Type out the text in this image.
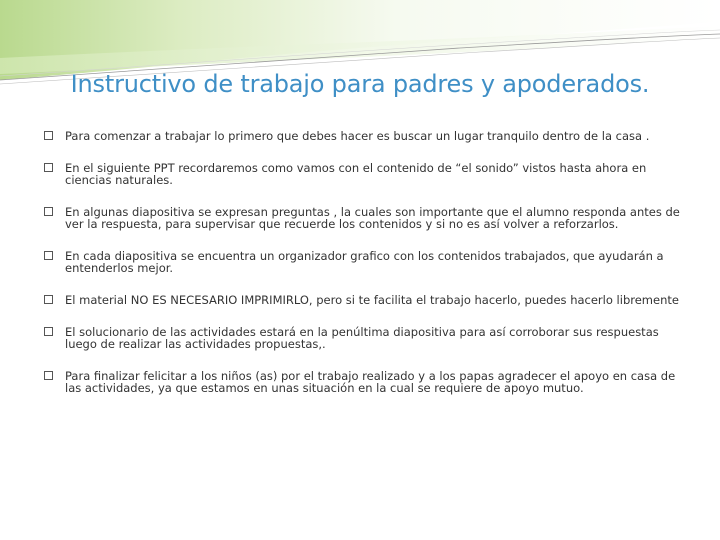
Instructivo de trabajo para padres y apoderados.
Para comenzar a trabajar lo primero que debes hacer es buscar un lugar tranquilo dentro de la casa .
En el siguiente PPT recordaremos como vamos con el contenido de “el sonido” vistos hasta ahora en ciencias naturales.
En algunas diapositiva se expresan preguntas , la cuales son importante que el alumno responda antes de ver la respuesta, para supervisar que recuerde los contenidos y si no es así volver a reforzarlos.
En cada diapositiva se encuentra un organizador grafico con los contenidos trabajados, que ayudarán a entenderlos mejor.
El material NO ES NECESARIO IMPRIMIRLO, pero si te facilita el trabajo hacerlo, puedes hacerlo libremente
El solucionario de las actividades estará en la penúltima diapositiva para así corroborar sus respuestas luego de realizar las actividades propuestas,.
Para finalizar felicitar a los niños (as) por el trabajo realizado y a los papas agradecer el apoyo en casa de las actividades, ya que estamos en unas situación en la cual se requiere de apoyo mutuo.
